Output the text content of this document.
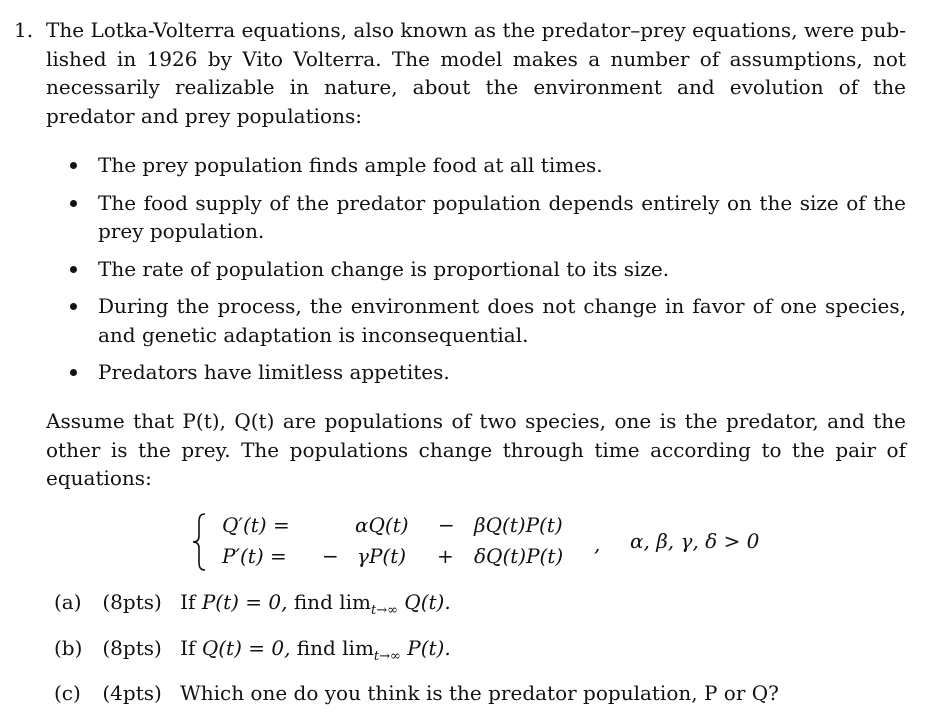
1. The Lotka-Volterra equations, also known as the predator–prey equations, were published in 1926 by Vito Volterra. The model makes a number of assumptions, not necessarily realizable in nature, about the environment and evolution of the predator and prey populations:
The prey population finds ample food at all times.
The food supply of the predator population depends entirely on the size of the prey population.
The rate of population change is proportional to its size.
During the process, the environment does not change in favor of one species, and genetic adaptation is inconsequential.
Predators have limitless appetites.
Assume that P(t), Q(t) are populations of two species, one is the predator, and the other is the prey. The populations change through time according to the pair of equations:
Q′(t) =	αQ(t) − βQ(t)P(t)
P′(t) = − γP(t) + δQ(t)P(t) , α, β, γ, δ > 0
(a) (8pts) If P(t) = 0, find $\lim_{t\to\infty} Q(t)$.
(b) (8pts) If Q(t) = 0, find $\lim_{t\to\infty} P(t)$.
(c) (4pts) Which one do you think is the predator population, P or Q?
